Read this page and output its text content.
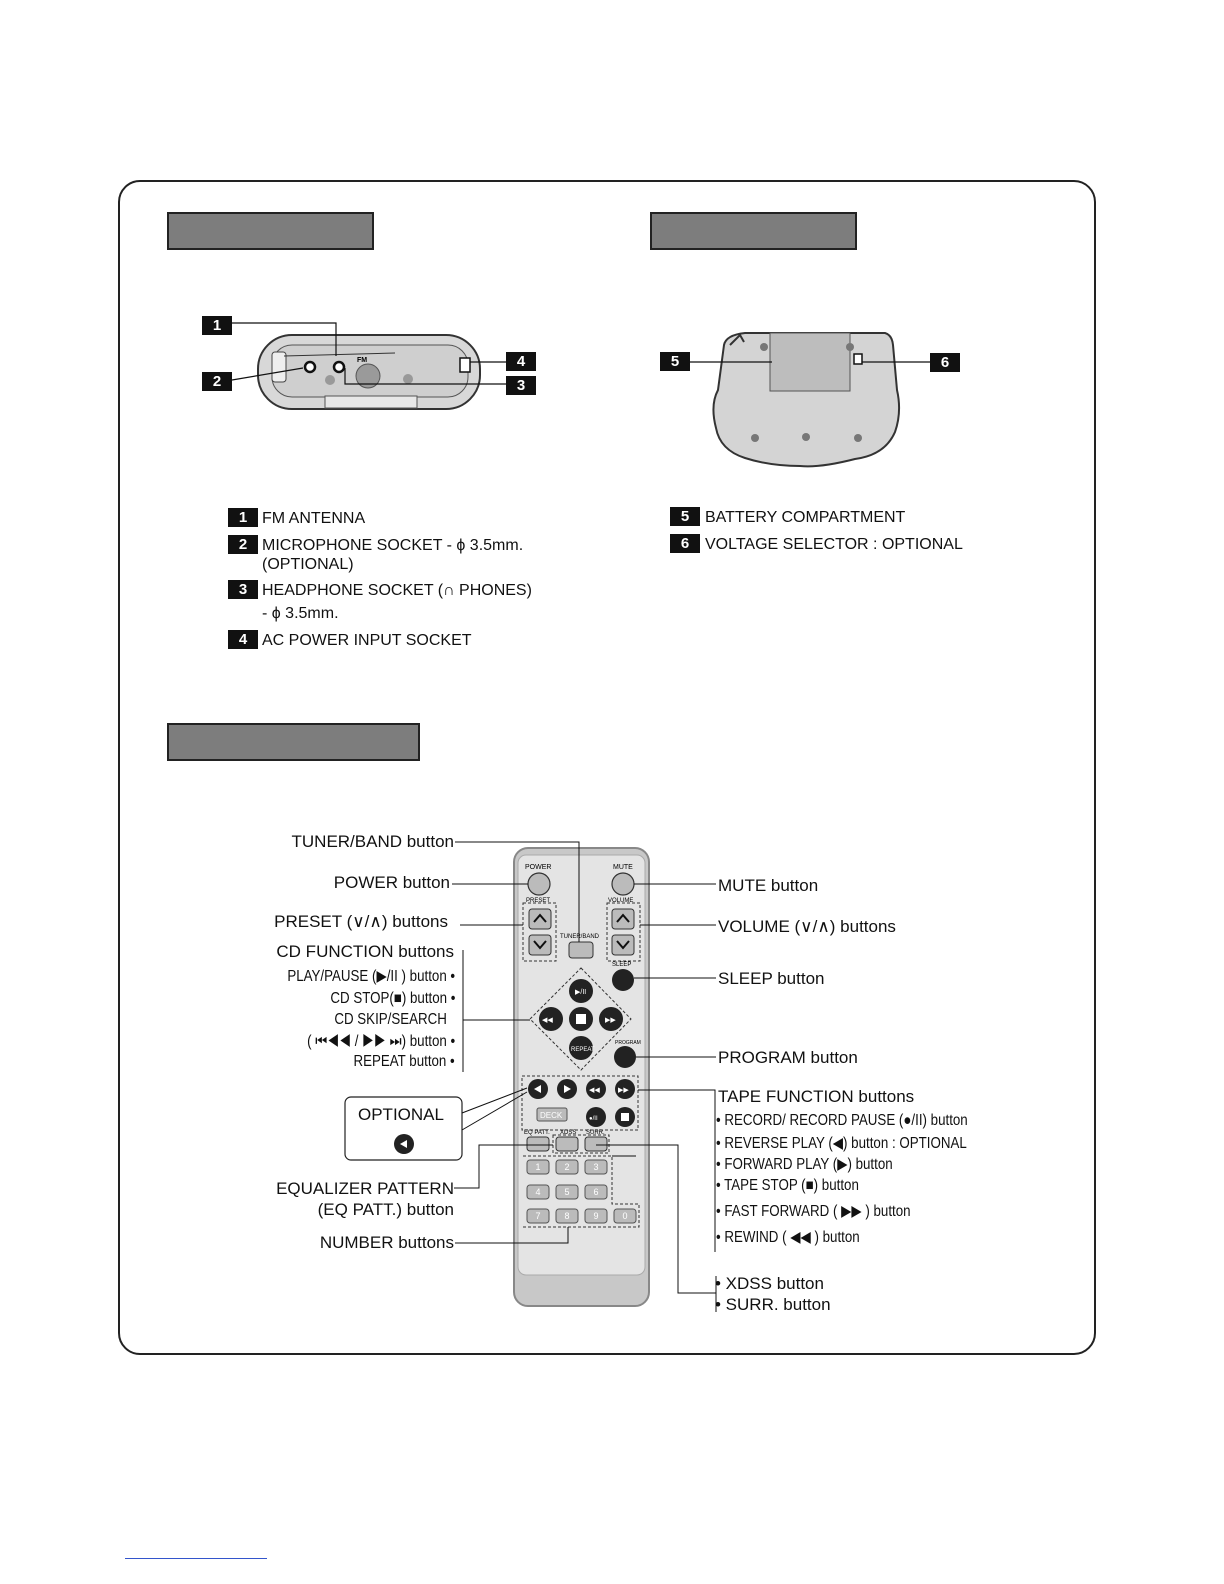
FM
POWER	MUTE
PRESET	VOLUME
SLEEP
TUNER/BAND
▶/II
◀◀	▶▶
REPEAT
PROGRAM
◀◀	▶▶
DECK	●/II
EQ PATT. XDSS SURR.
1
2
4
3
5	6
1 FM ANTENNA
2 MICROPHONE SOCKET - ϕ 3.5mm.
(OPTIONAL)
3 HEADPHONE SOCKET (∩ PHONES)
- ϕ 3.5mm.
4 AC POWER INPUT SOCKET
5 BATTERY COMPARTMENT
6 VOLTAGE SELECTOR : OPTIONAL
TUNER/BAND button
POWER button
PRESET (∨/∧) buttons
CD FUNCTION buttons
PLAY/PAUSE (▶/II ) button •
CD STOP(■) button •
CD SKIP/SEARCH
( ⏮◀◀ / ▶▶ ⏭) button •
REPEAT button •
OPTIONAL
EQUALIZER PATTERN
(EQ PATT.) button
NUMBER buttons
MUTE button
VOLUME (∨/∧) buttons
SLEEP button
PROGRAM button
TAPE FUNCTION buttons
• RECORD/ RECORD PAUSE (●/II) button
• REVERSE PLAY (◀) button : OPTIONAL
• FORWARD PLAY (▶) button
• TAPE STOP (■) button
• FAST FORWARD ( ▶▶ ) button
• REWIND ( ◀◀ ) button
• XDSS button
• SURR. button
1	2	3
4	5	6
7	8	9	0
